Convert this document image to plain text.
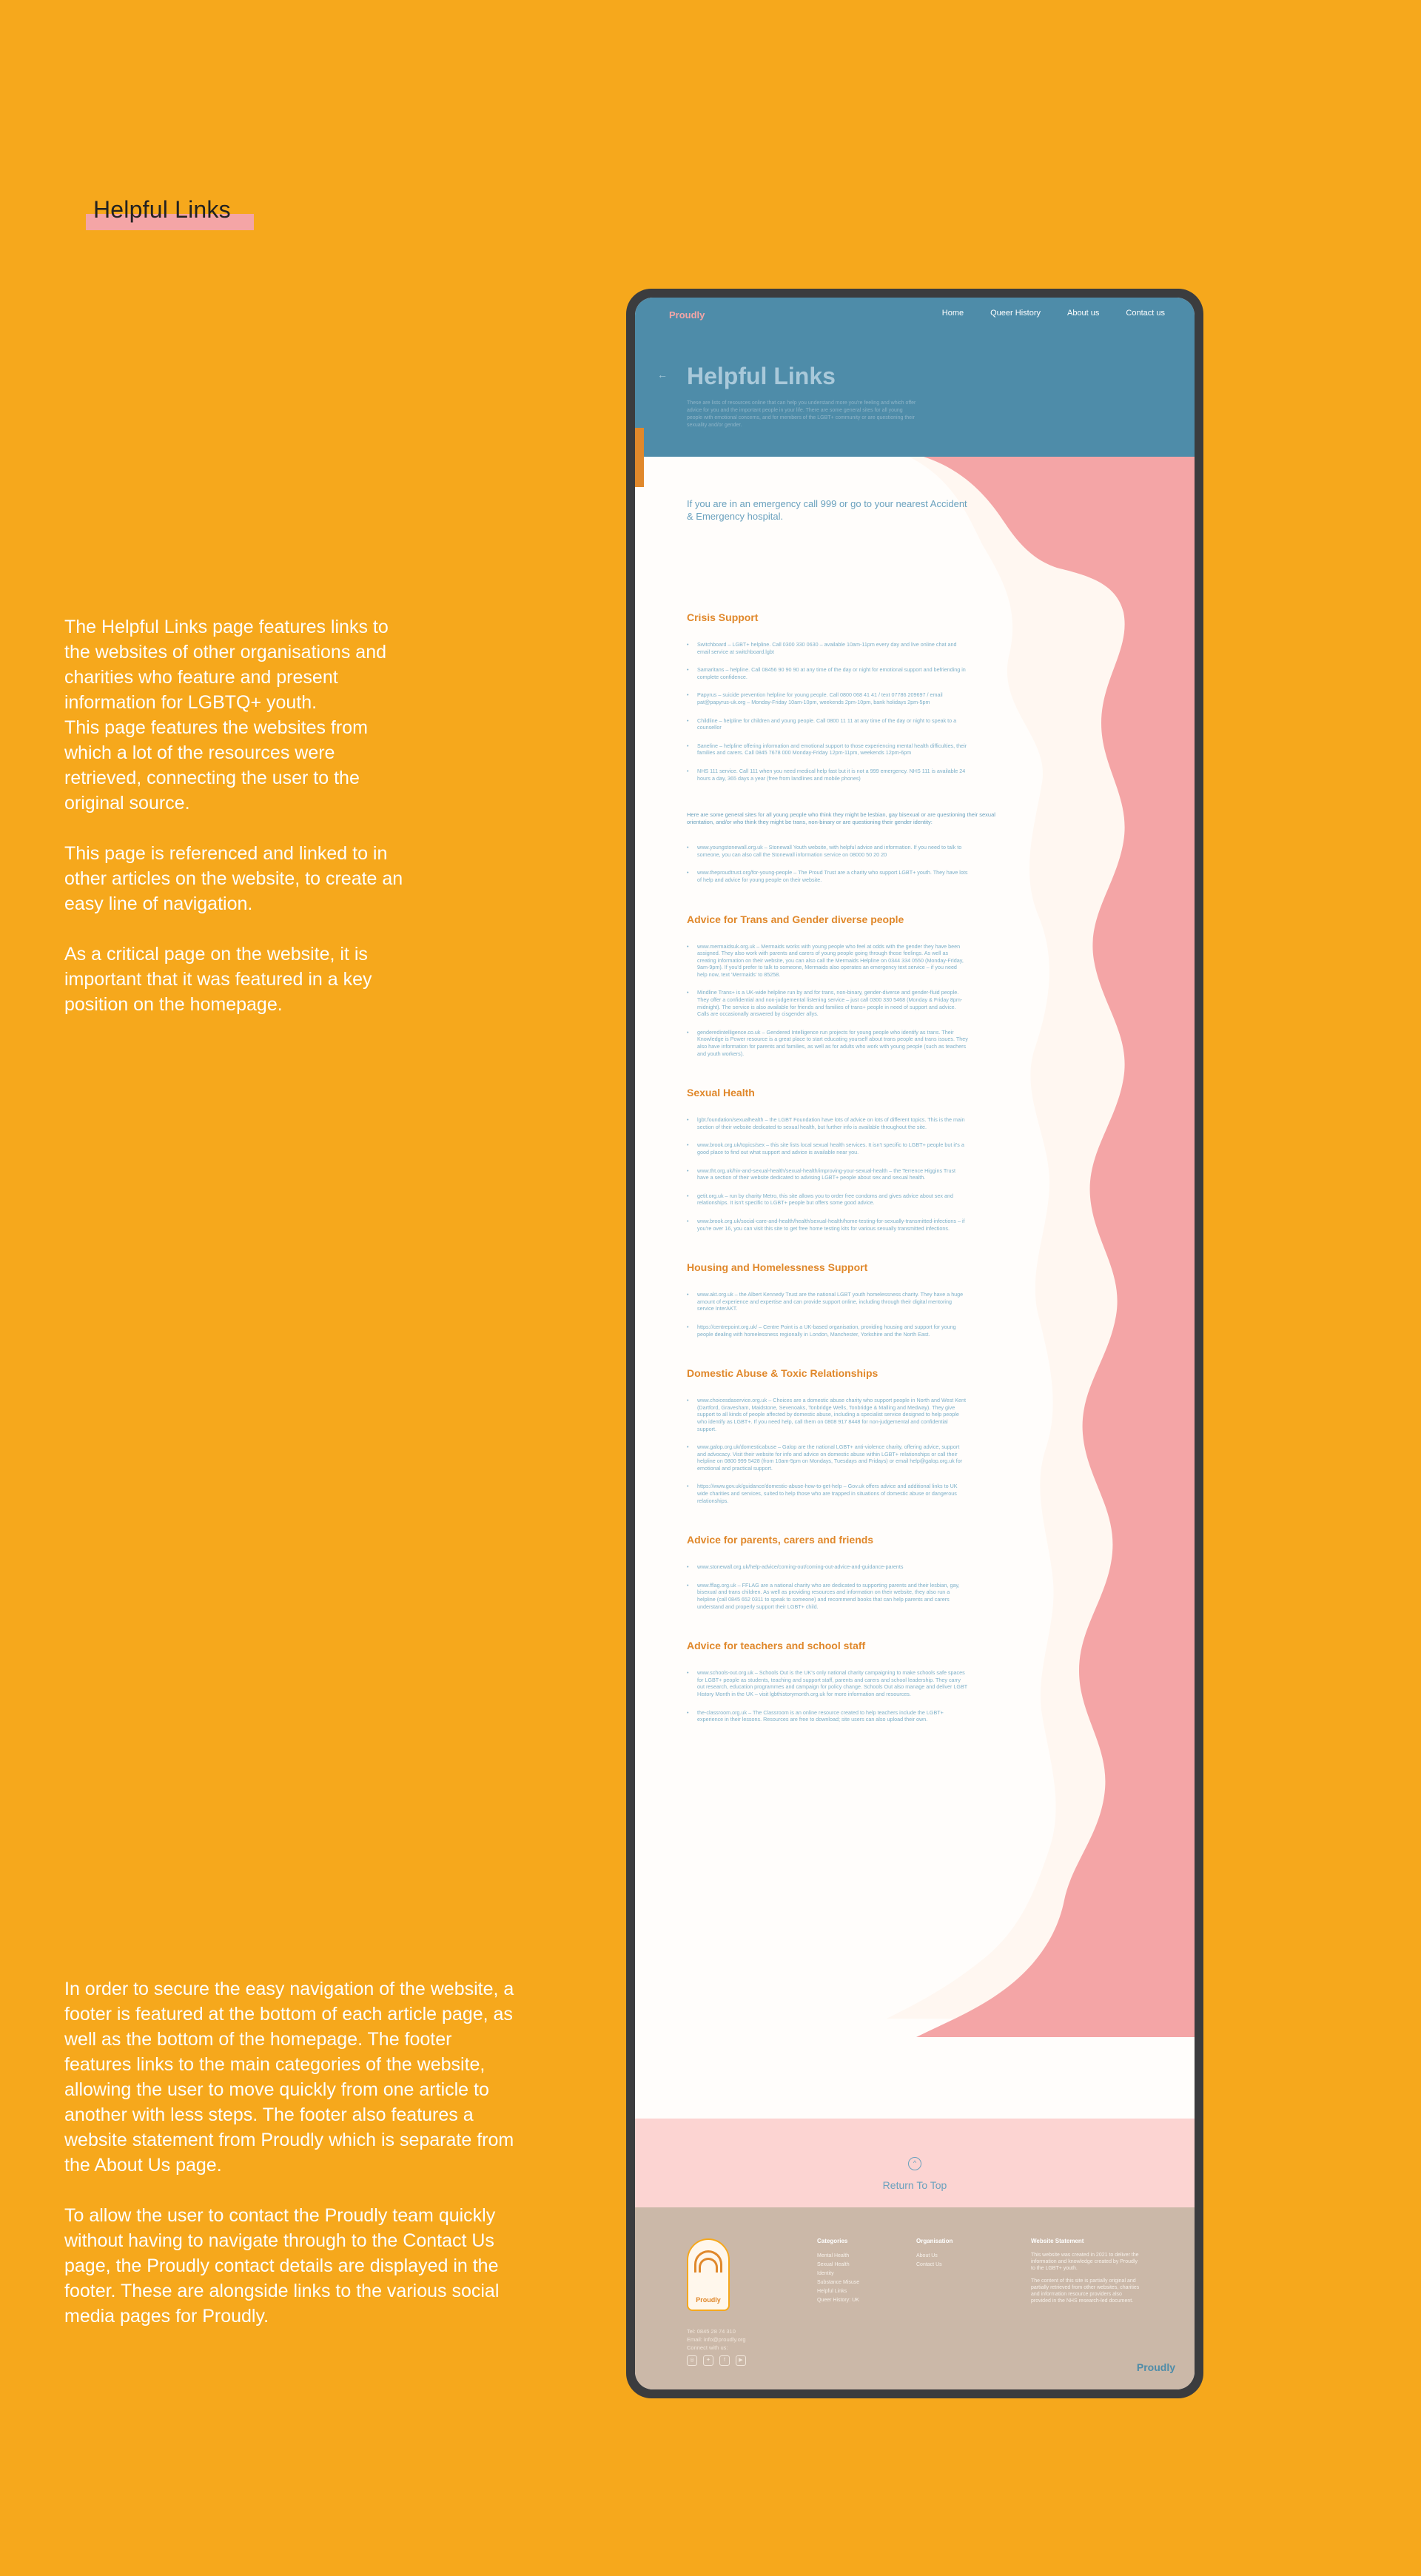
Helpful Links

The Helpful Links page features links to
the websites of other organisations and
charities who feature and present
information for LGBTQ+ youth.
This page features the websites from
which a lot of the resources were
retrieved, connecting the user to the
original source.

This page is referenced and linked to in
other articles on the website, to create an
easy line of navigation.

As a critical page on the website, it is
important that it was featured in a key
position on the homepage.

In order to secure the easy navigation of the website, a
footer is featured at the bottom of each article page, as
well as the bottom of the homepage. The footer
features links to the main categories of the website,
allowing the user to move quickly from one article to
another with less steps. The footer also features a
website statement from Proudly which is separate from
the About Us page.

To allow the user to contact the Proudly team quickly
without having to navigate through to the Contact Us
page, the Proudly contact details are displayed in the
footer. These are alongside links to the various social
media pages for Proudly.

Proudly	Home	Queer History	About us	Contact us
← Helpful Links
These are lists of resources online that can help you understand more you're feeling and which offer advice for you and the important people in your life. There are some general sites for all young people with emotional concerns, and for members of the LGBT+ community or are questioning their sexuality and/or gender.
If you are in an emergency call 999 or go to your nearest Accident & Emergency hospital.
Crisis Support
• Switchboard – LGBT+ helpline. Call 0300 330 0630 – available 10am-11pm every day and live online chat and email service at switchboard.lgbt
• Samaritans – helpline. Call 08456 90 90 90 at any time of the day or night for emotional support and befriending in complete confidence.
• Papyrus – suicide prevention helpline for young people. Call 0800 068 41 41 / text 07786 209697 / email pat@papyrus-uk.org – Monday-Friday 10am-10pm, weekends 2pm-10pm, bank holidays 2pm-5pm
• Childline – helpline for children and young people. Call 0800 11 11 at any time of the day or night to speak to a counsellor
• Saneline – helpline offering information and emotional support to those experiencing mental health difficulties, their families and carers. Call 0845 7678 000 Monday-Friday 12pm-11pm, weekends 12pm-6pm
• NHS 111 service. Call 111 when you need medical help fast but it is not a 999 emergency. NHS 111 is available 24 hours a day, 365 days a year (free from landlines and mobile phones)

Here are some general sites for all young people who think they might be lesbian, gay bisexual or are questioning their sexual orientation, and/or who think they might be trans, non-binary or are questioning their gender identity:

• www.youngstonewall.org.uk – Stonewall Youth website, with helpful advice and information. If you need to talk to someone, you can also call the Stonewall information service on 08000 50 20 20
• www.theproudtrust.org/for-young-people – The Proud Trust are a charity who support LGBT+ youth. They have lots of help and advice for young people on their website.
Advice for Trans and Gender diverse people
• www.mermaidsuk.org.uk – Mermaids works with young people who feel at odds with the gender they have been assigned. They also work with parents and carers of young people going through those feelings. As well as creating information on their website, you can also call the Mermaids Helpline on 0344 334 0550 (Monday-Friday, 9am-9pm). If you'd prefer to talk to someone, Mermaids also operates an emergency text service – if you need help now, text 'Mermaids' to 85258.
• Mindline Trans+ is a UK-wide helpline run by and for trans, non-binary, gender-diverse and gender-fluid people. They offer a confidential and non-judgemental listening service – just call 0300 330 5468 (Monday & Friday 8pm-midnight). The service is also available for friends and families of trans+ people in need of support and advice. Calls are occasionally answered by cisgender allys.
• genderedintelligence.co.uk – Gendered Intelligence run projects for young people who identify as trans. Their Knowledge is Power resource is a great place to start educating yourself about trans people and trans issues. They also have information for parents and families, as well as for adults who work with young people (such as teachers and youth workers).
Sexual Health
• lgbt.foundation/sexualhealth – the LGBT Foundation have lots of advice on lots of different topics. This is the main section of their website dedicated to sexual health, but further info is available throughout the site.
• www.brook.org.uk/topics/sex – this site lists local sexual health services. It isn't specific to LGBT+ people but it's a good place to find out what support and advice is available near you.
• www.tht.org.uk/hiv-and-sexual-health/sexual-health/improving-your-sexual-health – the Terrence Higgins Trust have a section of their website dedicated to advising LGBT+ people about sex and sexual health.
• getit.org.uk – run by charity Metro, this site allows you to order free condoms and gives advice about sex and relationships. It isn't specific to LGBT+ people but offers some good advice.
• www.brook.org.uk/social-care-and-health/health/sexual-health/home-testing-for-sexually-transmitted-infections – if you're over 16, you can visit this site to get free home testing kits for various sexually transmitted infections.
Housing and Homelessness Support
• www.akt.org.uk – the Albert Kennedy Trust are the national LGBT youth homelessness charity. They have a huge amount of experience and expertise and can provide support online, including through their digital mentoring service InterAKT.
• https://centrepoint.org.uk/ – Centre Point is a UK-based organisation, providing housing and support for young people dealing with homelessness regionally in London, Manchester, Yorkshire and the North East.
Domestic Abuse & Toxic Relationships
• www.choicesdaservice.org.uk – Choices are a domestic abuse charity who support people in North and West Kent (Dartford, Gravesham, Maidstone, Sevenoaks, Tonbridge Wells, Tonbridge & Malling and Medway). They give support to all kinds of people affected by domestic abuse, including a specialist service designed to help people who identify as LGBT+. If you need help, call them on 0808 917 8448 for non-judgemental and confidential support.
• www.galop.org.uk/domesticabuse – Galop are the national LGBT+ anti-violence charity, offering advice, support and advocacy. Visit their website for info and advice on domestic abuse within LGBT+ relationships or call their helpline on 0800 999 5428 (from 10am-5pm on Mondays, Tuesdays and Fridays) or email help@galop.org.uk for emotional and practical support.
• https://www.gov.uk/guidance/domestic-abuse-how-to-get-help – Gov.uk offers advice and additional links to UK wide charities and services, suited to help those who are trapped in situations of domestic abuse or dangerous relationships.
Advice for parents, carers and friends
• www.stonewall.org.uk/help-advice/coming-out/coming-out-advice-and-guidance-parents
• www.fflag.org.uk – FFLAG are a national charity who are dedicated to supporting parents and their lesbian, gay, bisexual and trans children. As well as providing resources and information on their website, they also run a helpline (call 0845 652 0311 to speak to someone) and recommend books that can help parents and carers understand and properly support their LGBT+ child.
Advice for teachers and school staff
• www.schools-out.org.uk – Schools Out is the UK's only national charity campaigning to make schools safe spaces for LGBT+ people as students, teaching and support staff, parents and carers and school leadership. They carry out research, education programmes and campaign for policy change. Schools Out also manage and deliver LGBT History Month in the UK – visit lgbthistorymonth.org.uk for more information and resources.
• the-classroom.org.uk – The Classroom is an online resource created to help teachers include the LGBT+ experience in their lessons. Resources are free to download; site users can also upload their own.
^
Return To Top
Proudly
Tel: 0845 28 74 310
Email: info@proudly.org
Connect with us:
◎	✦	f	▶
Categories
Mental Health
Sexual Health
Identity
Substance Misuse
Helpful Links
Queer History: UK
Organisation
About Us
Contact Us
Website Statement

This website was created in 2021 to deliver the information and knowledge created by Proudly to the LGBT+ youth.

The content of this site is partially original and partially retrieved from other websites, charities and information resource providers also provided in the NHS research-led document.

Proudly
